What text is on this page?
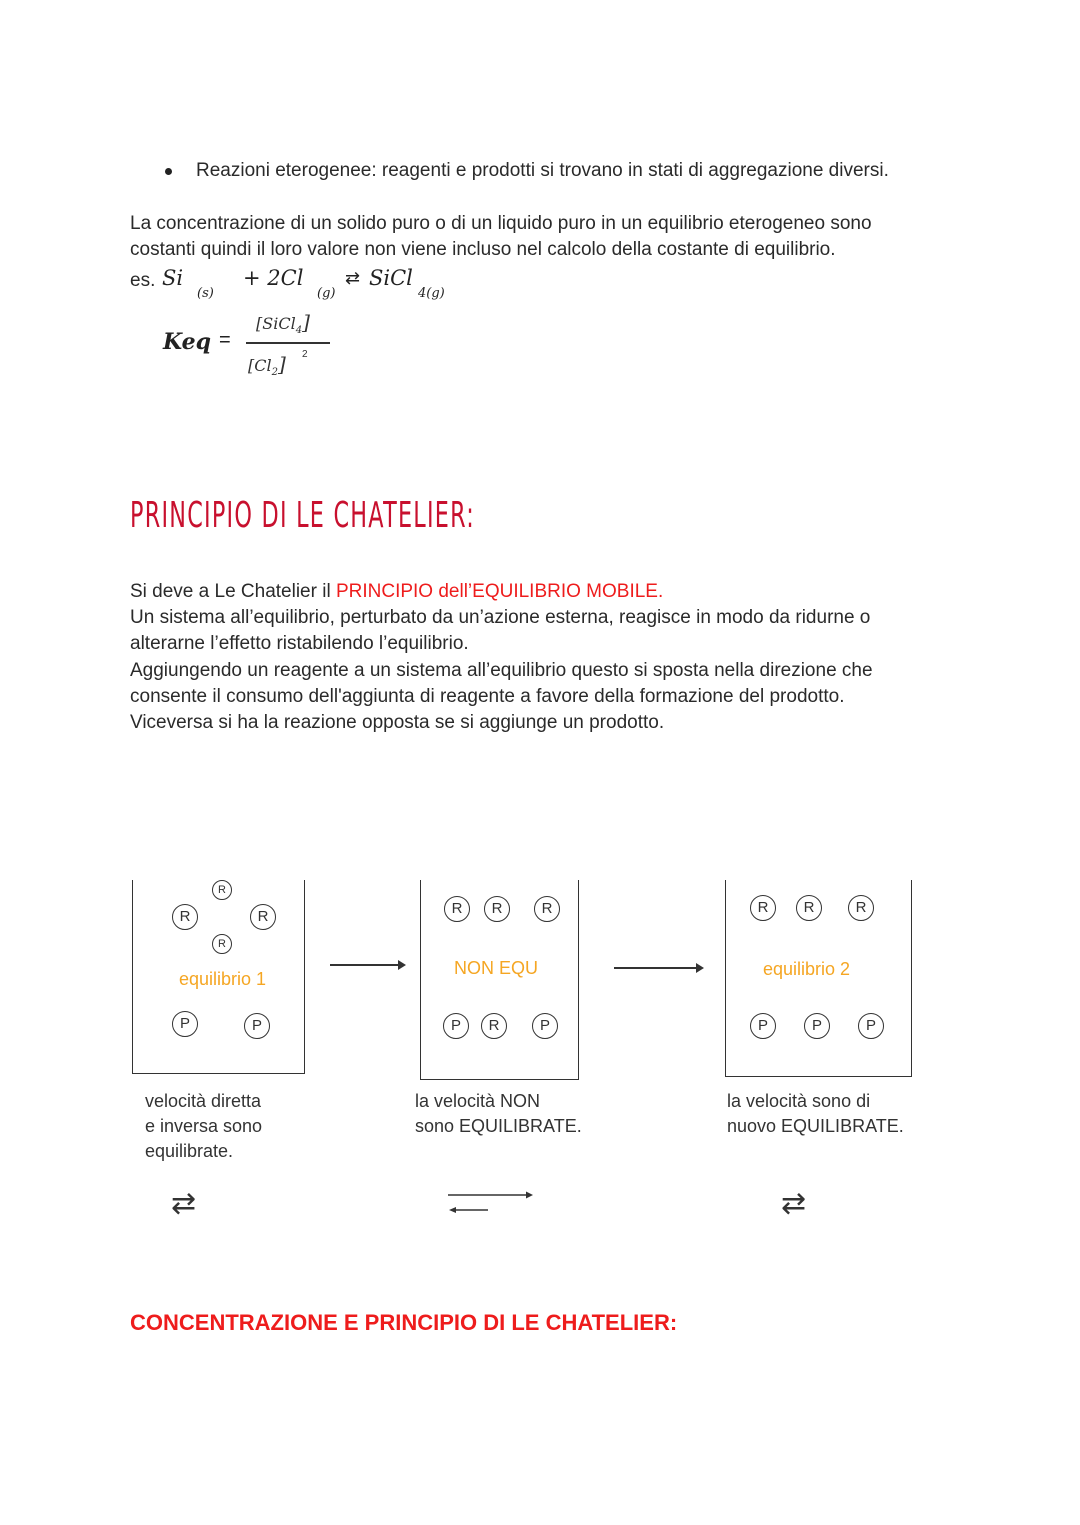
Reazioni eterogenee: reagenti e prodotti si trovano in stati di aggregazione diversi.
La concentrazione di un solido puro o di un liquido puro in un equilibrio eterogeneo sono
costanti quindi il loro valore non viene incluso nel calcolo della costante di equilibrio.
es. Si
(s)
+ 2Cl
(g)
⇄ SiCl
4(g)
Keq =
[SiCl$_4$]
$[Cl_2]$ 2
PRINCIPIO DI LE CHATELIER:
Si deve a Le Chatelier il PRINCIPIO dell’EQUILIBRIO MOBILE.
Un sistema all’equilibrio, perturbato da un’azione esterna, reagisce in modo da ridurne o
alterarne l’effetto ristabilendo l’equilibrio.
Aggiungendo un reagente a un sistema all’equilibrio questo si sposta nella direzione che
consente il consumo dell'aggiunta di reagente a favore della formazione del prodotto.
Viceversa si ha la reazione opposta se si aggiunge un prodotto.
R
R	R
R
equilibrio 1
P	P
R	R	R
NON EQU
P	R	P
R	R	R
equilibrio 2
P	P	P
velocità diretta
e inversa sono
equilibrate.
la velocità NON
sono EQUILIBRATE.
la velocità sono di
nuovo EQUILIBRATE.
⇄	⇄
CONCENTRAZIONE E PRINCIPIO DI LE CHATELIER:
